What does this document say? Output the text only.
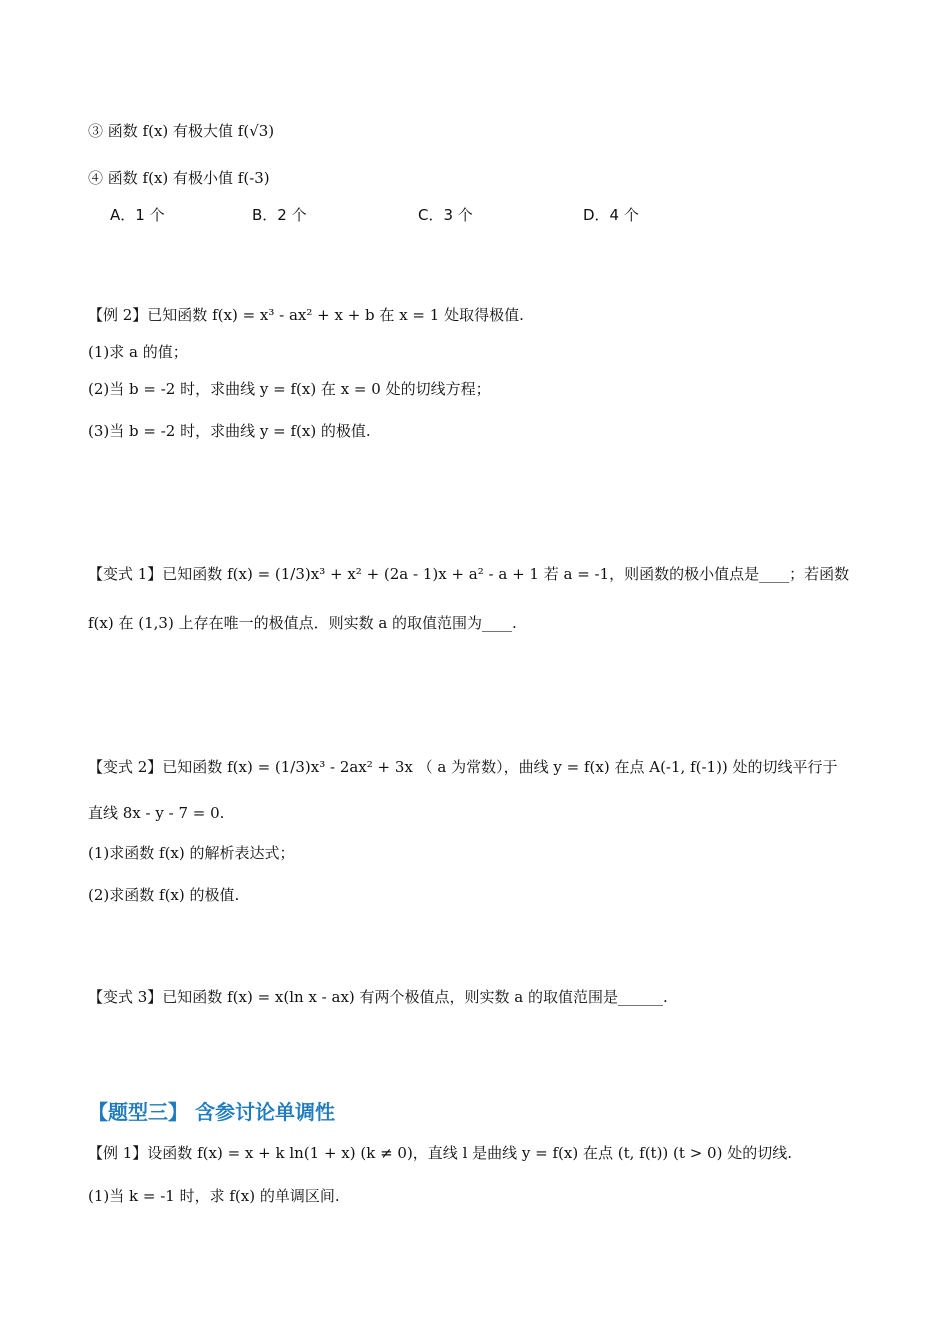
③ 函数 f(x) 有极大值 f(√3)
④ 函数 f(x) 有极小值 f(-3)
A．1 个	B．2 个	C．3 个	D．4 个
【例 2】已知函数 f(x) = x³ - ax² + x + b 在 x = 1 处取得极值.
(1)求 a 的值；
(2)当 b = -2 时，求曲线 y = f(x) 在 x = 0 处的切线方程；
(3)当 b = -2 时，求曲线 y = f(x) 的极值.
【变式 1】已知函数 f(x) = (1/3)x³ + x² + (2a - 1)x + a² - a + 1 若 a = -1，则函数的极小值点是____；若函数
f(x) 在 (1,3) 上存在唯一的极值点．则实数 a 的取值范围为____.
【变式 2】已知函数 f(x) = (1/3)x³ - 2ax² + 3x （ a 为常数），曲线 y = f(x) 在点 A(-1, f(-1)) 处的切线平行于
直线 8x - y - 7 = 0.
(1)求函数 f(x) 的解析表达式；
(2)求函数 f(x) 的极值.
【变式 3】已知函数 f(x) = x(ln x - ax) 有两个极值点，则实数 a 的取值范围是______.
【题型三】 含参讨论单调性
【例 1】设函数 f(x) = x + k ln(1 + x) (k ≠ 0)，直线 l 是曲线 y = f(x) 在点 (t, f(t)) (t > 0) 处的切线.
(1)当 k = -1 时，求 f(x) 的单调区间.
